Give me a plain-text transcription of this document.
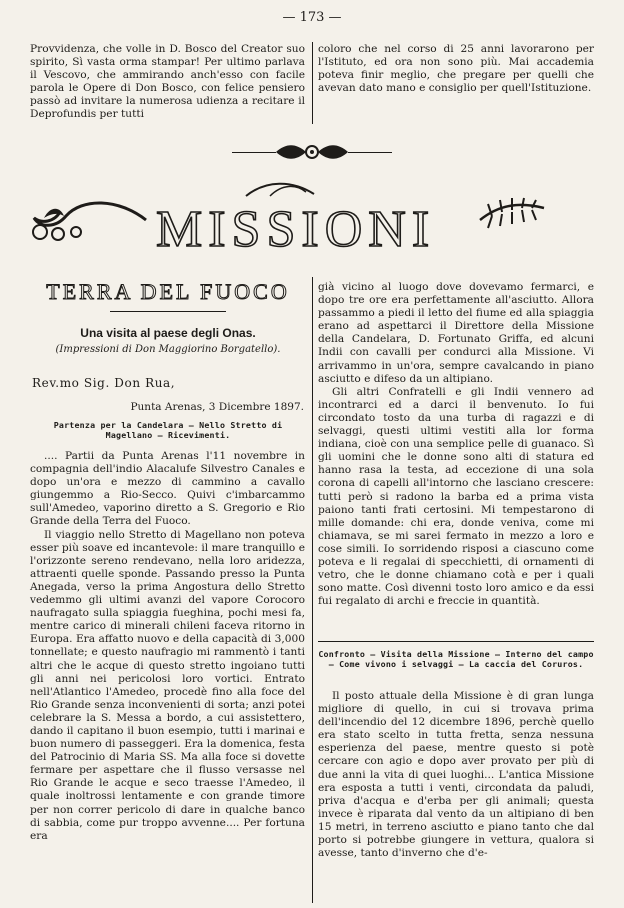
— 173 —

Provvidenza, che volle in D. Bosco del Creator suo spirito, Sì vasta orma stampar! Per ultimo parlava il Vescovo, che ammirando anch'esso con facile parola le Opere di Don Bosco, con felice pensiero passò ad invitare la numerosa udienza a recitare il Deprofundis per tutti

coloro che nel corso di 25 anni lavorarono per l'Istituto, ed ora non sono più. Mai accademia poteva finir meglio, che pregare per quelli che avevan dato mano e consiglio per quell'Istituzione.

MISSIONI
TERRA DEL FUOCO
Una visita al paese degli Onas.
(Impressioni di Don Maggiorino Borgatello).
Rev.mo Sig. Don Rua,
Punta Arenas, 3 Dicembre 1897.
Partenza per la Candelara — Nello Stretto di Magellano — Ricevimenti.

.... Partii da Punta Arenas l'11 novembre in compagnia dell'indio Alacalufe Silvestro Canales e dopo un'ora e mezzo di cammino a cavallo giungemmo a Rio-Secco. Quivi c'imbarcammo sull'Amedeo, vaporino diretto a S. Gregorio e Rio Grande della Terra del Fuoco.

Il viaggio nello Stretto di Magellano non poteva esser più soave ed incantevole: il mare tranquillo e l'orizzonte sereno rendevano, nella loro aridezza, attraenti quelle sponde. Passando presso la Punta Anegada, verso la prima Angostura dello Stretto vedemmo gli ultimi avanzi del vapore Corocoro naufragato sulla spiaggia fueghina, pochi mesi fa, mentre carico di minerali chileni faceva ritorno in Europa. Era affatto nuovo e della capacità di 3,000 tonnellate; e questo naufragio mi rammentò i tanti altri che le acque di questo stretto ingoiano tutti gli anni nei pericolosi loro vortici. Entrato nell'Atlantico l'Amedeo, procedè fino alla foce del Rio Grande senza inconvenienti di sorta; anzi potei celebrare la S. Messa a bordo, a cui assistettero, dando il capitano il buon esempio, tutti i marinai e buon numero di passeggeri. Era la domenica, festa del Patrocinio di Maria SS. Ma alla foce si dovette fermare per aspettare che il flusso versasse nel Rio Grande le acque e seco traesse l'Amedeo, il quale inoltrossi lentamente e con grande timore per non correr pericolo di dare in qualche banco di sabbia, come pur troppo avvenne.... Per fortuna era

già vicino al luogo dove dovevamo fermarci, e dopo tre ore era perfettamente all'asciutto. Allora passammo a piedi il letto del fiume ed alla spiaggia erano ad aspettarci il Direttore della Missione della Candelara, D. Fortunato Griffa, ed alcuni Indii con cavalli per condurci alla Missione. Vi arrivammo in un'ora, sempre cavalcando in piano asciutto e difeso da un altipiano.

Gli altri Confratelli e gli Indii vennero ad incontrarci ed a darci il benvenuto. Io fui circondato tosto da una turba di ragazzi e di selvaggi, questi ultimi vestiti alla lor forma indiana, cioè con una semplice pelle di guanaco. Sì gli uomini che le donne sono alti di statura ed hanno rasa la testa, ad eccezione di una sola corona di capelli all'intorno che lasciano crescere: tutti però si radono la barba ed a prima vista paiono tanti frati certosini. Mi tempestarono di mille domande: chi era, donde veniva, come mi chiamava, se mi sarei fermato in mezzo a loro e cose simili. Io sorridendo risposi a ciascuno come poteva e li regalai di specchietti, di ornamenti di vetro, che le donne chiamano cotà e per i quali sono matte. Così divenni tosto loro amico e da essi fui regalato di archi e freccie in quantità.

Confronto — Visita della Missione — Interno del campo — Come vivono i selvaggi — La caccia del Coruros.

Il posto attuale della Missione è di gran lunga migliore di quello, in cui si trovava prima dell'incendio del 12 dicembre 1896, perchè quello era stato scelto in tutta fretta, senza nessuna esperienza del paese, mentre questo si potè cercare con agio e dopo aver provato per più di due anni la vita di quei luoghi... L'antica Missione era esposta a tutti i venti, circondata da paludi, priva d'acqua e d'erba per gli animali; questa invece è riparata dal vento da un altipiano di ben 15 metri, in terreno asciutto e piano tanto che dal porto si potrebbe giungere in vettura, qualora si avesse, tanto d'inverno che d'e-
